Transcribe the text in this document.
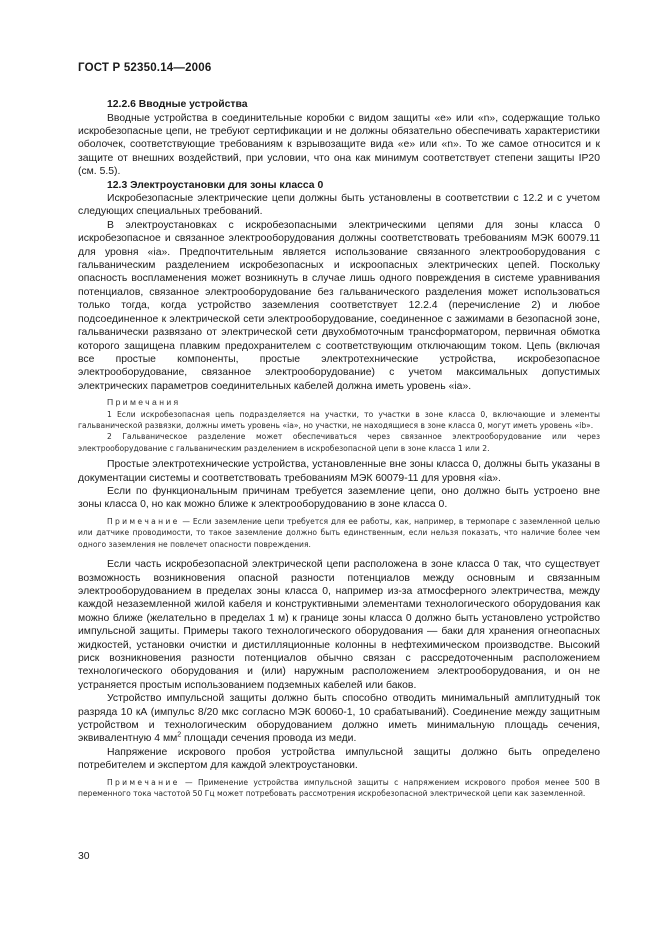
ГОСТ Р 52350.14—2006

12.2.6 Вводные устройства

Вводные устройства в соединительные коробки с видом защиты «e» или «n», содержащие только искробезопасные цепи, не требуют сертификации и не должны обязательно обеспечивать характеристики оболочек, соответствующие требованиям к взрывозащите вида «e» или «n». То же самое относится и к защите от внешних воздействий, при условии, что она как минимум соответствует степени защиты IP20 (см. 5.5).

12.3 Электроустановки для зоны класса 0

Искробезопасные электрические цепи должны быть установлены в соответствии с 12.2 и с учетом следующих специальных требований.

В электроустановках с искробезопасными электрическими цепями для зоны класса 0 искробезопасное и связанное электрооборудования должны соответствовать требованиям МЭК 60079.11 для уровня «ia». Предпочтительным является использование связанного электрооборудования с гальваническим разделением искробезопасных и искроопасных электрических цепей. Поскольку опасность воспламенения может возникнуть в случае лишь одного повреждения в системе уравнивания потенциалов, связанное электрооборудование без гальванического разделения может использоваться только тогда, когда устройство заземления соответствует 12.2.4 (перечисление 2) и любое подсоединенное к электрической сети электрооборудование, соединенное с зажимами в безопасной зоне, гальванически развязано от электрической сети двухобмоточным трансформатором, первичная обмотка которого защищена плавким предохранителем с соответствующим отключающим током. Цепь (включая все простые компоненты, простые электротехнические устройства, искробезопасное электрооборудование, связанное электрооборудование) с учетом максимальных допустимых электрических параметров соединительных кабелей должна иметь уровень «ia».

Примечания

1 Если искробезопасная цепь подразделяется на участки, то участки в зоне класса 0, включающие и элементы гальванической развязки, должны иметь уровень «ia», но участки, не находящиеся в зоне класса 0, могут иметь уровень «ib».

2 Гальваническое разделение может обеспечиваться через связанное электрооборудование или через электрооборудование с гальваническим разделением в искробезопасной цепи в зоне класса 1 или 2.

Простые электротехнические устройства, установленные вне зоны класса 0, должны быть указаны в документации системы и соответствовать требованиям МЭК 60079-11 для уровня «ia».

Если по функциональным причинам требуется заземление цепи, оно должно быть устроено вне зоны класса 0, но как можно ближе к электрооборудованию в зоне класса 0.

Примечание — Если заземление цепи требуется для ее работы, как, например, в термопаре с заземленной целью или датчике проводимости, то такое заземление должно быть единственным, если нельзя показать, что наличие более чем одного заземления не повлечет опасности повреждения.

Если часть искробезопасной электрической цепи расположена в зоне класса 0 так, что существует возможность возникновения опасной разности потенциалов между основным и связанным электрооборудованием в пределах зоны класса 0, например из-за атмосферного электричества, между каждой незаземленной жилой кабеля и конструктивными элементами технологического оборудования как можно ближе (желательно в пределах 1 м) к границе зоны класса 0 должно быть установлено устройство импульсной защиты. Примеры такого технологического оборудования — баки для хранения огнеопасных жидкостей, установки очистки и дистилляционные колонны в нефтехимическом производстве. Высокий риск возникновения разности потенциалов обычно связан с рассредоточенным расположением технологического оборудования и (или) наружным расположением электрооборудования, и он не устраняется простым использованием подземных кабелей или баков.

Устройство импульсной защиты должно быть способно отводить минимальный амплитудный ток разряда 10 кА (импульс 8/20 мкс согласно МЭК 60060-1, 10 срабатываний). Соединение между защитным устройством и технологическим оборудованием должно иметь минимальную площадь сечения, эквивалентную 4 $мм^2$ площади сечения провода из меди.

Напряжение искрового пробоя устройства импульсной защиты должно быть определено потребителем и экспертом для каждой электроустановки.

Примечание — Применение устройства импульсной защиты с напряжением искрового пробоя менее 500 В переменного тока частотой 50 Гц может потребовать рассмотрения искробезопасной электрической цепи как заземленной.

30
